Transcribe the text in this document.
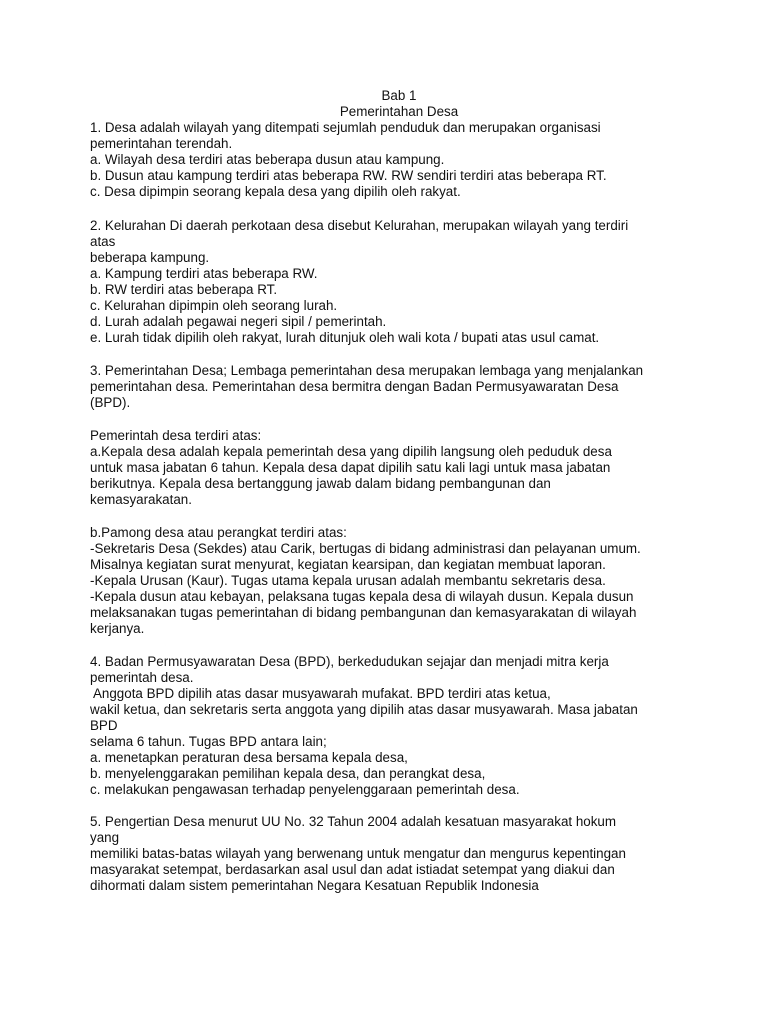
Bab 1
Pemerintahan Desa
1. Desa adalah wilayah yang ditempati sejumlah penduduk dan merupakan organisasi
pemerintahan terendah.
a. Wilayah desa terdiri atas beberapa dusun atau kampung.
b. Dusun atau kampung terdiri atas beberapa RW. RW sendiri terdiri atas beberapa RT.
c. Desa dipimpin seorang kepala desa yang dipilih oleh rakyat.
2. Kelurahan Di daerah perkotaan desa disebut Kelurahan, merupakan wilayah yang terdiri
atas
beberapa kampung.
a. Kampung terdiri atas beberapa RW.
b. RW terdiri atas beberapa RT.
c. Kelurahan dipimpin oleh seorang lurah.
d. Lurah adalah pegawai negeri sipil / pemerintah.
e. Lurah tidak dipilih oleh rakyat, lurah ditunjuk oleh wali kota / bupati atas usul camat.
3. Pemerintahan Desa; Lembaga pemerintahan desa merupakan lembaga yang menjalankan
pemerintahan desa. Pemerintahan desa bermitra dengan Badan Permusyawaratan Desa
(BPD).
Pemerintah desa terdiri atas:
a.Kepala desa adalah kepala pemerintah desa yang dipilih langsung oleh peduduk desa
untuk masa jabatan 6 tahun. Kepala desa dapat dipilih satu kali lagi untuk masa jabatan
berikutnya. Kepala desa bertanggung jawab dalam bidang pembangunan dan
kemasyarakatan.
b.Pamong desa atau perangkat terdiri atas:
-Sekretaris Desa (Sekdes) atau Carik, bertugas di bidang administrasi dan pelayanan umum.
Misalnya kegiatan surat menyurat, kegiatan kearsipan, dan kegiatan membuat laporan.
-Kepala Urusan (Kaur). Tugas utama kepala urusan adalah membantu sekretaris desa.
-Kepala dusun atau kebayan, pelaksana tugas kepala desa di wilayah dusun. Kepala dusun
melaksanakan tugas pemerintahan di bidang pembangunan dan kemasyarakatan di wilayah
kerjanya.
4. Badan Permusyawaratan Desa (BPD), berkedudukan sejajar dan menjadi mitra kerja
pemerintah desa.
Anggota BPD dipilih atas dasar musyawarah mufakat. BPD terdiri atas ketua,
wakil ketua, dan sekretaris serta anggota yang dipilih atas dasar musyawarah. Masa jabatan
BPD
selama 6 tahun. Tugas BPD antara lain;
a. menetapkan peraturan desa bersama kepala desa,
b. menyelenggarakan pemilihan kepala desa, dan perangkat desa,
c. melakukan pengawasan terhadap penyelenggaraan pemerintah desa.
5. Pengertian Desa menurut UU No. 32 Tahun 2004 adalah kesatuan masyarakat hokum
yang
memiliki batas-batas wilayah yang berwenang untuk mengatur dan mengurus kepentingan
masyarakat setempat, berdasarkan asal usul dan adat istiadat setempat yang diakui dan
dihormati dalam sistem pemerintahan Negara Kesatuan Republik Indonesia
